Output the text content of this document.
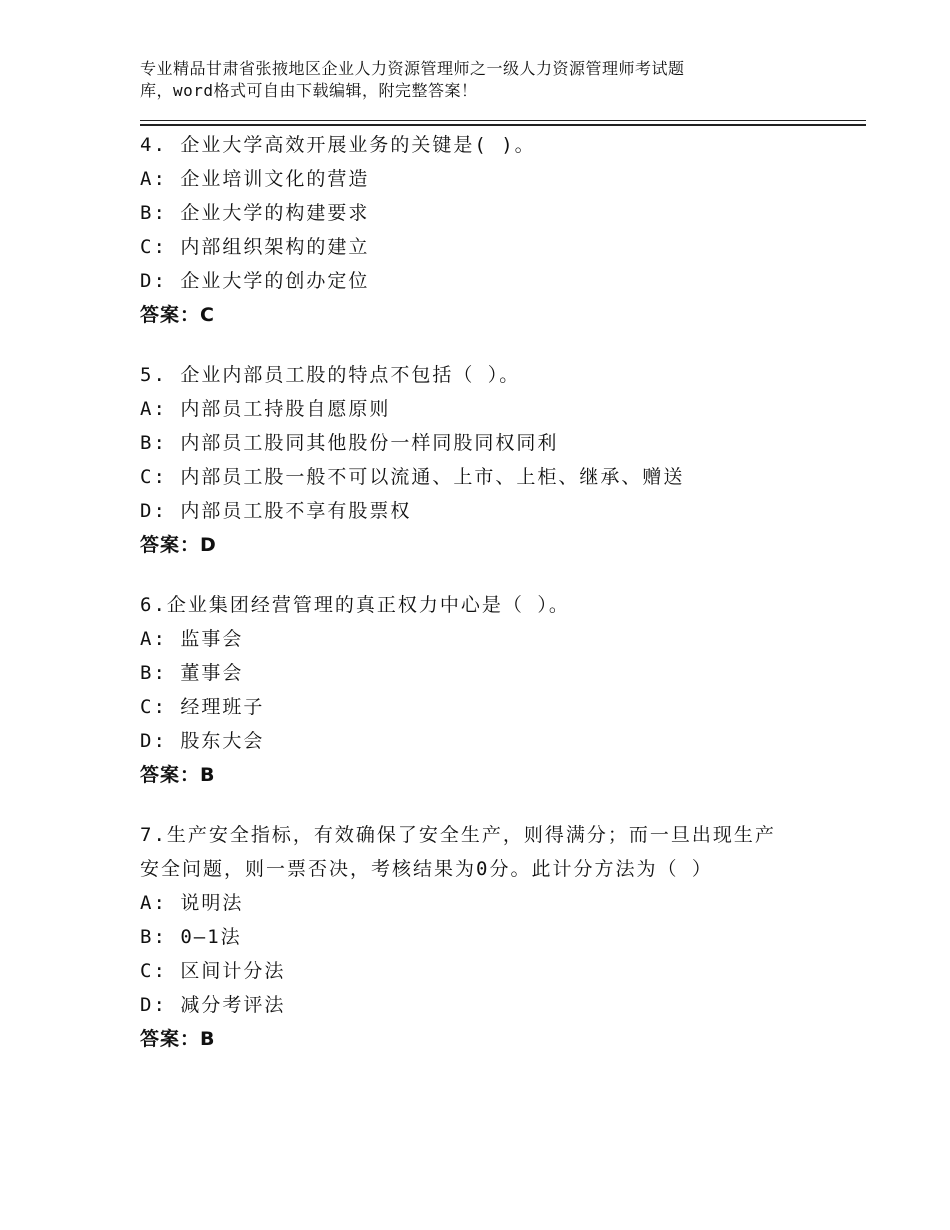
专业精品甘肃省张掖地区企业人力资源管理师之一级人力资源管理师考试题
库，word格式可自由下载编辑，附完整答案！
4. 企业大学高效开展业务的关键是( )。
A: 企业培训文化的营造
B: 企业大学的构建要求
C: 内部组织架构的建立
D: 企业大学的创办定位
答案：C
5. 企业内部员工股的特点不包括（ ）。
A: 内部员工持股自愿原则
B: 内部员工股同其他股份一样同股同权同利
C: 内部员工股一般不可以流通、上市、上柜、继承、赠送
D: 内部员工股不享有股票权
答案：D
6.企业集团经营管理的真正权力中心是（ ）。
A: 监事会
B: 董事会
C: 经理班子
D: 股东大会
答案：B
7.生产安全指标，有效确保了安全生产，则得满分；而一旦出现生产
安全问题，则一票否决，考核结果为0分。此计分方法为（ ）
A: 说明法
B: 0—1法
C: 区间计分法
D: 减分考评法
答案：B
